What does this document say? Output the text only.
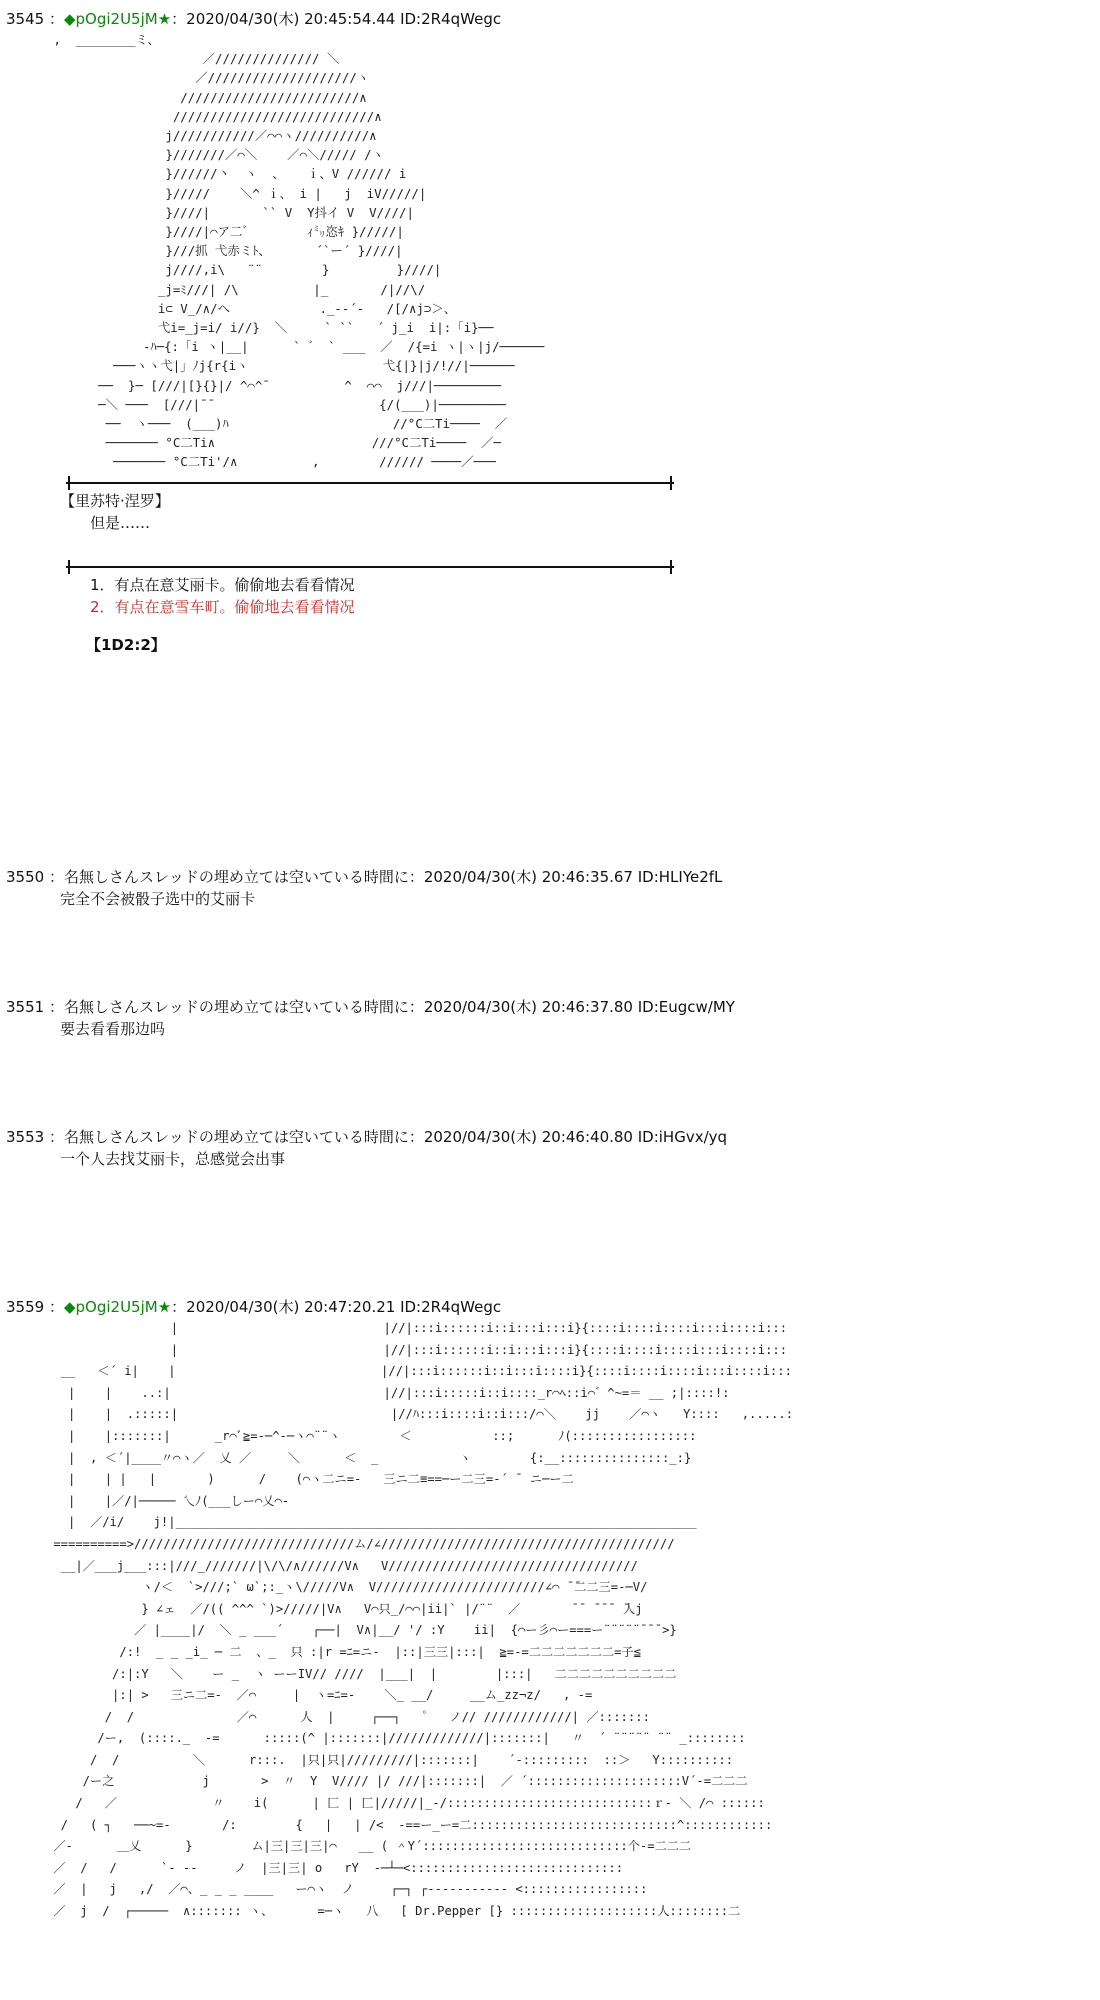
3545 ：◆pOgi2U5jM★：2020/04/30(木) 20:45:54.44 ID:2R4qWegc
,  ________ミ、
／////////////// ＼
／////////////////////ヽ
////////////////////////∧
///////////////////////////∧
j///////////／⌒⌒ヽ//////////∧
}///////／⌒＼    ／⌒＼///// /ヽ
}//////丶  ヽ  、   ｉ、V ////// i
}/////    ＼^ ｉ、 i |   j  iV/////|
}////|       `` V  Y抖イ V  V////|
}////|⌒ア二゛       ｨ㍉恣ｷ }/////|
}///抓 弋赤ミﾄ、      ´`ー´ }////|
j////,i\   ¨¨        }         }////|
_j=ﾐ///| /\          |_       /|//\/
i⊂ V_/∧/へ            ._--´-   /[/∧j⊃＞、
弋i=_j=i/ i//}  ＼     ` ``   ´ j_i  i|:「i}──
-ﾊ─{:「i ヽ|__|      ` ゛ ` ___  ／  /{=i ヽ|ヽ|j/──────
───ヽヽ弋|」ﾉj{r{iヽ                  弋{|}|j/!//|──────
──  }─ [///|[}{}|/ ^⌒^¯          ^  ⌒⌒  j///|─────────
─＼ ───  [///|¯¯                      {/(___)|─────────
──  ヽ───  (___)ﾊ                      //°C二Ti────  ／
─────── °C二Ti∧                     ///°C二Ti────  ／─
─────── °C二Ti'/∧          ,        ////// ────／───
【里苏特·涅罗】
但是……
1．有点在意艾丽卡。偷偷地去看看情况
2．有点在意雪车町。偷偷地去看看情况
【1D2:2】
3550 ：名無しさんスレッドの埋め立ては空いている時間に：2020/04/30(木) 20:46:35.67 ID:HLIYe2fL
完全不会被骰子选中的艾丽卡
3551 ：名無しさんスレッドの埋め立ては空いている時間に：2020/04/30(木) 20:46:37.80 ID:Eugcw/MY
要去看看那边吗
3553 ：名無しさんスレッドの埋め立ては空いている時間に：2020/04/30(木) 20:46:40.80 ID:iHGvx/yq
一个人去找艾丽卡，总感觉会出事
3559 ：◆pOgi2U5jM★：2020/04/30(木) 20:47:20.21 ID:2R4qWegc
|                            |//|:::i::::::i::i:::i:::i}{::::i::::i::::i:::i::::i:::
|                            |//|:::i::::::i::i:::i:::i}{::::i::::i::::i:::i::::i:::
__   ＜´ i|    |                            |//|:::i::::::i::i:::i::::i}{::::i::::i::::i:::i::::i:::
|    |    ..:|                             |//|:::i:::::i::i::::_r⌒ﾍ::i⌒゛^~=＝ __ ;|::::!:
|    |  .:::::|                             |//ﾊ:::i::::i::i:::/⌒＼    jj    ／⌒ヽ   Y::::   ,.....:
|    |:::::::|      _r⌒ﾞ≧=-─^-─ヽ⌒¨¨ヽ        ＜           ::;      ﾉ(:::::::::::::::::
|  , ＜´|____〃⌒ヽ／  乂 ／     ＼      ＜  _           ヽ        {:__:::::::::::::::_:}
|    | |   |       )      /    (⌒ヽ二ニ=-   三ニ二≡==─ー二三=-´ ̄  ニ─ー二
|    |／/|───── 乀ﾉ(___しー⌒乂⌒-
|  ／/i/    j!|_______________________________________________________________________
==========>//////////////////////////////ム/∠////////////////////////////////////////
__|／___j___:::|///_///////|\/\/∧//////V∧   V//////////////////////////////////
ヽ/＜  `>///;` ω`;:_ヽ\/////V∧  V///////////////////////∠⌒ ̄ ̄二二三=-─V/
} ∠ェ  ／/(( ^^^ `)>/////|V∧   V⌒只_/⌒⌒|ii|` |/¨¨  ／       ̄ ̄  ̄ ̄ ̄  ̄人j
／ |____|/  ＼ _ ___´    ┌──|  V∧|__/ '/ :Y    ii|  {⌒ー彡⌒ー===ー¨¨¨¨¨¯¯¯>}
/:!  _ _ _i_ ─ 二  、_  只 :|r =ﾆ=ニ-  |::|三三|:::|  ≧=-=二二二二二二二=子≦
/:|:Y   ＼    ー _  ヽ ーーIV// ////  |___|  |        |:::|   二二二二二二二二二二
|:| >   三ニ二=-  ／⌒     |  ヽ=ﾆ=-    ＼_ __/     __ム_zz¬z/   , -=
/  /              ／⌒      人  |     ┌──┐   ゜  ノ// ////////////| ／:::::::
/ー,  (::::._  -=      :::::(^ |:::::::|/////////////|:::::::|   〃  ´ ¨¨¨¨¨ ¨¨ _::::::::
/  /          ＼      r:::.  |只|只|/////////|:::::::|    ´-:::::::::  ::＞   Y::::::::::
/ー之            j       >  〃  Y  V//// |/ ///|:::::::|  ／ ´:::::::::::::::::::::V´-=二二二
/   ／             〃    i(      | 匚 | 匚|/////|_-/::::::::::::::::::::::::::::ｒ‐ ＼ /⌒ ::::::
/   ( ┐   ──~=-       /:        {   |   | /<  -==ー_ー=二::::::::::::::::::::::::::::^::::::::::::
／-      ＿乂      }        ム|三|三|三|⌒   __ ( ＾Y´::::::::::::::::::::::::::::个-=二二二
／  /   /      `- --     ノ  |三|三| o   rY  ‐─┴─<:::::::::::::::::::::::::::::
／  |   j   ,/  ／⌒、_ _ _ ____   ー⌒ヽ  ノ     ┌─┐ ┌‐‐‐‐‐‐‐‐‐‐‐ <:::::::::::::::::
／  j  /  ┌─────  ∧::::::: ヽ、      =─ヽ   八   [ Dr.Pepper [} ::::::::::::::::::::人::::::::二
